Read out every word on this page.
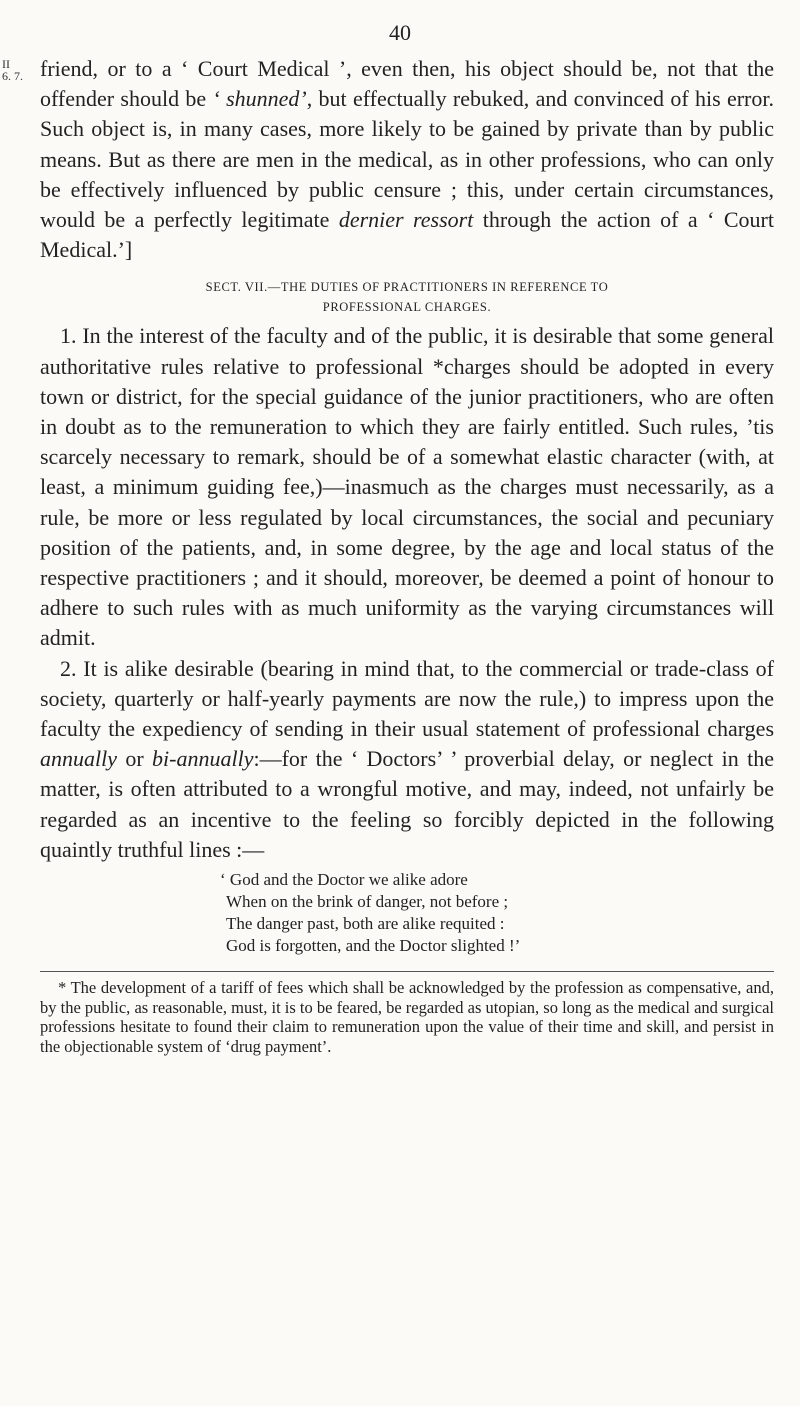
40
II
6. 7. friend, or to a ‘ Court Medical ’, even then, his object should be, not that the offender should be ‘ shunned’, but effectually rebuked, and convinced of his error. Such object is, in many cases, more likely to be gained by private than by public means. But as there are men in the medical, as in other professions, who can only be effectively influenced by public censure ; this, under certain circumstances, would be a perfectly legitimate dernier ressort through the action of a ‘ Court Medical.’]

SECT. VII.—THE DUTIES OF PRACTITIONERS IN REFERENCE TO
PROFESSIONAL CHARGES.

1. In the interest of the faculty and of the public, it is desirable that some general authoritative rules relative to professional *charges should be adopted in every town or district, for the special guidance of the junior practitioners, who are often in doubt as to the remuneration to which they are fairly entitled. Such rules, ’tis scarcely necessary to remark, should be of a somewhat elastic character (with, at least, a minimum guiding fee,)—inasmuch as the charges must necessarily, as a rule, be more or less regulated by local circumstances, the social and pecuniary position of the patients, and, in some degree, by the age and local status of the respective practitioners ; and it should, moreover, be deemed a point of honour to adhere to such rules with as much uniformity as the varying circumstances will admit.

2. It is alike desirable (bearing in mind that, to the commercial or trade-class of society, quarterly or half-yearly payments are now the rule,) to impress upon the faculty the expediency of sending in their usual statement of professional charges annually or bi-annually:—for the ‘ Doctors’ ’ proverbial delay, or neglect in the matter, is often attributed to a wrongful motive, and may, indeed, not unfairly be regarded as an incentive to the feeling so forcibly depicted in the following quaintly truthful lines :—

‘ God and the Doctor we alike adore
When on the brink of danger, not before ;
The danger past, both are alike requited :
God is forgotten, and the Doctor slighted !’

* The development of a tariff of fees which shall be acknowledged by the profession as compensative, and, by the public, as reasonable, must, it is to be feared, be regarded as utopian, so long as the medical and surgical professions hesitate to found their claim to remuneration upon the value of their time and skill, and persist in the objectionable system of ‘drug payment’.
